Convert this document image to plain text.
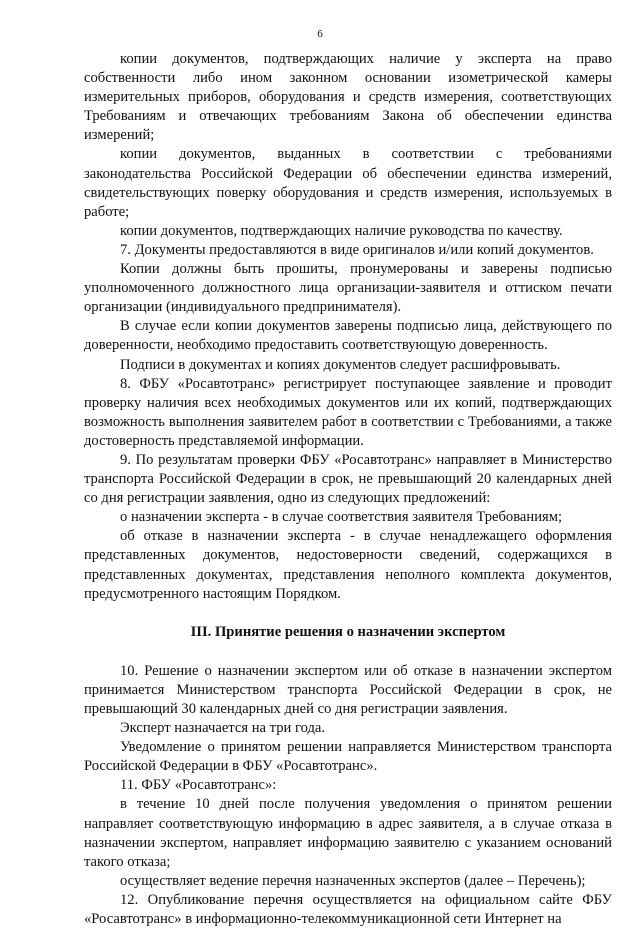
6

копии документов, подтверждающих наличие у эксперта на право собственности либо ином законном основании изометрической камеры измерительных приборов, оборудования и средств измерения, соответствующих Требованиям и отвечающих требованиям Закона об обеспечении единства измерений;

копии документов, выданных в соответствии с требованиями законодательства Российской Федерации об обеспечении единства измерений, свидетельствующих поверку оборудования и средств измерения, используемых в работе;

копии документов, подтверждающих наличие руководства по качеству.

7. Документы предоставляются в виде оригиналов и/или копий документов.

Копии должны быть прошиты, пронумерованы и заверены подписью уполномоченного должностного лица организации-заявителя и оттиском печати организации (индивидуального предпринимателя).

В случае если копии документов заверены подписью лица, действующего по доверенности, необходимо предоставить соответствующую доверенность.

Подписи в документах и копиях документов следует расшифровывать.

8. ФБУ «Росавтотранс» регистрирует поступающее заявление и проводит проверку наличия всех необходимых документов или их копий, подтверждающих возможность выполнения заявителем работ в соответствии с Требованиями, а также достоверность представляемой информации.

9. По результатам проверки ФБУ «Росавтотранс» направляет в Министерство транспорта Российской Федерации в срок, не превышающий 20 календарных дней со дня регистрации заявления, одно из следующих предложений:

о назначении эксперта - в случае соответствия заявителя Требованиям;

об отказе в назначении эксперта - в случае ненадлежащего оформления представленных документов, недостоверности сведений, содержащихся в представленных документах, представления неполного комплекта документов, предусмотренного настоящим Порядком.

III. Принятие решения о назначении экспертом

10. Решение о назначении экспертом или об отказе в назначении экспертом принимается Министерством транспорта Российской Федерации в срок, не превышающий 30 календарных дней со дня регистрации заявления.

Эксперт назначается на три года.

Уведомление о принятом решении направляется Министерством транспорта Российской Федерации в ФБУ «Росавтотранс».

11. ФБУ «Росавтотранс»:

в течение 10 дней после получения уведомления о принятом решении направляет соответствующую информацию в адрес заявителя, а в случае отказа в назначении экспертом, направляет информацию заявителю с указанием оснований такого отказа;

осуществляет ведение перечня назначенных экспертов (далее – Перечень);

12. Опубликование перечня осуществляется на официальном сайте ФБУ «Росавтотранс» в информационно-телекоммуникационной сети Интернет на
